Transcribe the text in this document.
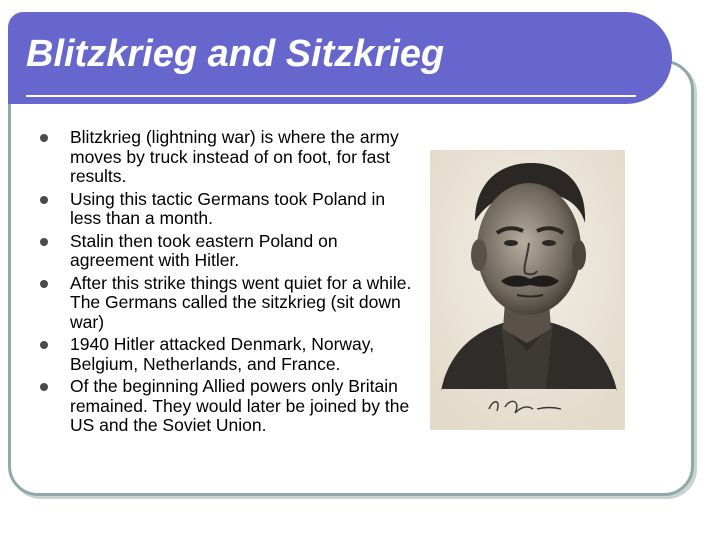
Blitzkrieg and Sitzkrieg
Blitzkrieg (lightning war) is where the army moves by truck instead of on foot, for fast results.
Using this tactic Germans took Poland in less than a month.
Stalin then took eastern Poland on agreement with Hitler.
After this strike things went quiet for a while. The Germans called the sitzkrieg (sit down war)
1940 Hitler attacked Denmark, Norway, Belgium, Netherlands, and France.
Of the beginning Allied powers only Britain remained. They would later be joined by the US and the Soviet Union.
